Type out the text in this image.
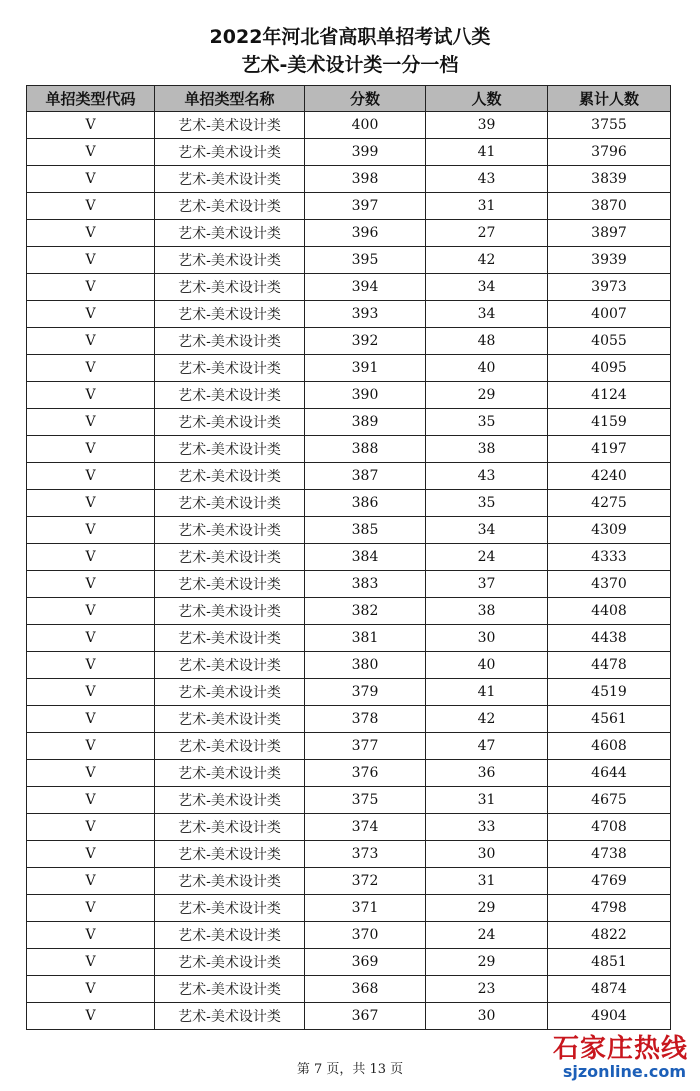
2022年河北省高职单招考试八类
艺术-美术设计类一分一档
单招类型代码	单招类型名称	分数	人数	累计人数
V	艺术-美术设计类	400	39	3755
V	艺术-美术设计类	399	41	3796
V	艺术-美术设计类	398	43	3839
V	艺术-美术设计类	397	31	3870
V	艺术-美术设计类	396	27	3897
V	艺术-美术设计类	395	42	3939
V	艺术-美术设计类	394	34	3973
V	艺术-美术设计类	393	34	4007
V	艺术-美术设计类	392	48	4055
V	艺术-美术设计类	391	40	4095
V	艺术-美术设计类	390	29	4124
V	艺术-美术设计类	389	35	4159
V	艺术-美术设计类	388	38	4197
V	艺术-美术设计类	387	43	4240
V	艺术-美术设计类	386	35	4275
V	艺术-美术设计类	385	34	4309
V	艺术-美术设计类	384	24	4333
V	艺术-美术设计类	383	37	4370
V	艺术-美术设计类	382	38	4408
V	艺术-美术设计类	381	30	4438
V	艺术-美术设计类	380	40	4478
V	艺术-美术设计类	379	41	4519
V	艺术-美术设计类	378	42	4561
V	艺术-美术设计类	377	47	4608
V	艺术-美术设计类	376	36	4644
V	艺术-美术设计类	375	31	4675
V	艺术-美术设计类	374	33	4708
V	艺术-美术设计类	373	30	4738
V	艺术-美术设计类	372	31	4769
V	艺术-美术设计类	371	29	4798
V	艺术-美术设计类	370	24	4822
V	艺术-美术设计类	369	29	4851
V	艺术-美术设计类	368	23	4874
V	艺术-美术设计类	367	30	4904
第 7 页，共 13 页
石家庄热线
sjzonline.com
